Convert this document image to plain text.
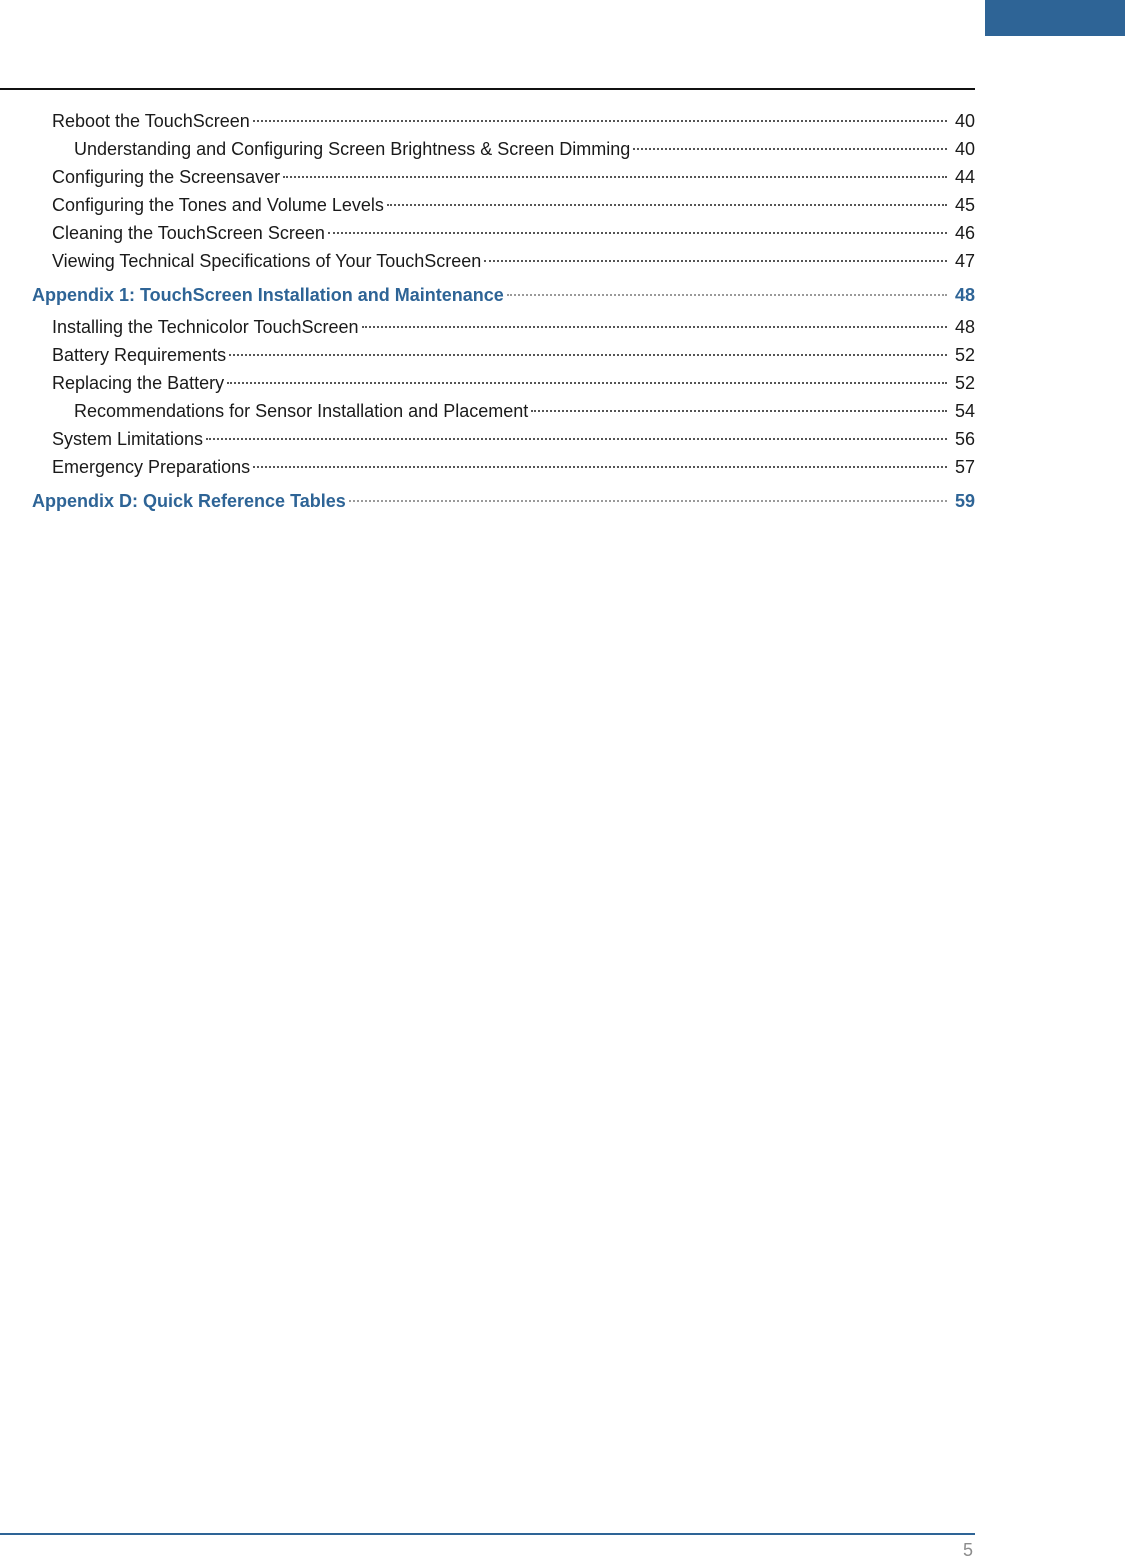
Reboot the TouchScreen	40
Understanding and Configuring Screen Brightness & Screen Dimming	40
Configuring the Screensaver	44
Configuring the Tones and Volume Levels	45
Cleaning the TouchScreen Screen	46
Viewing Technical Specifications of Your TouchScreen	47
Appendix 1: TouchScreen Installation and Maintenance	48
Installing the Technicolor TouchScreen	48
Battery Requirements	52
Replacing the Battery	52
Recommendations for Sensor Installation and Placement	54
System Limitations	56
Emergency Preparations	57
Appendix D: Quick Reference Tables	59
5
